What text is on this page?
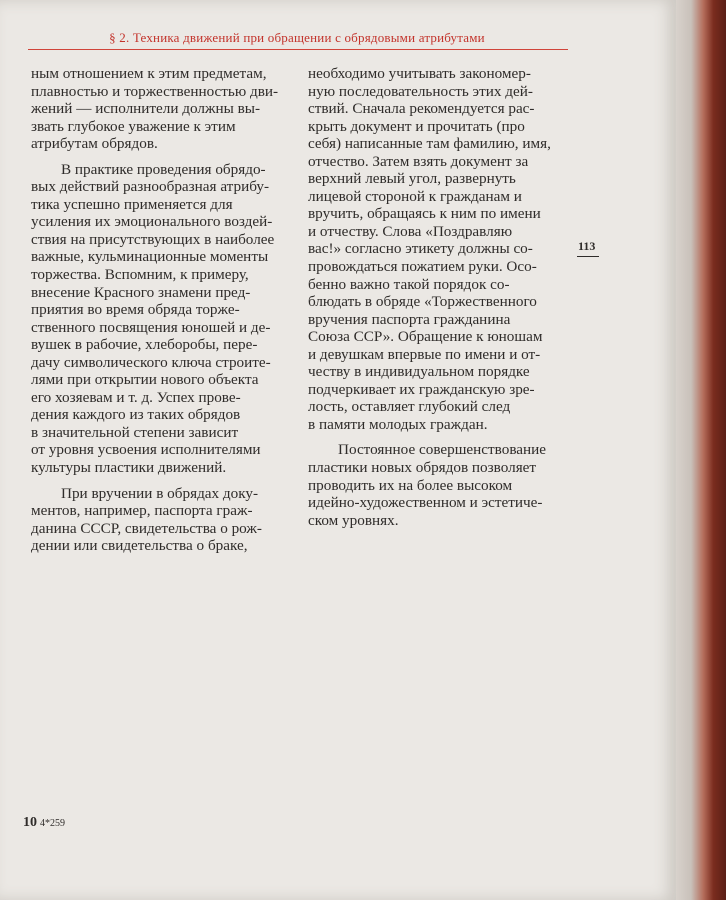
§ 2. Техника движений при обращении с обрядовыми атрибутами

ным отношением к этим предметам,
плавностью и торжественностью дви-
жений — исполнители должны вы-
звать глубокое уважение к этим
атрибутам обрядов.

В практике проведения обрядо-
вых действий разнообразная атрибу-
тика успешно применяется для
усиления их эмоционального воздей-
ствия на присутствующих в наиболее
важные, кульминационные моменты
торжества. Вспомним, к примеру,
внесение Красного знамени пред-
приятия во время обряда торже-
ственного посвящения юношей и де-
вушек в рабочие, хлеборобы, пере-
дачу символического ключа строите-
лями при открытии нового объекта
его хозяевам и т. д. Успех прове-
дения каждого из таких обрядов
в значительной степени зависит
от уровня усвоения исполнителями
культуры пластики движений.

При вручении в обрядах доку-
ментов, например, паспорта граж-
данина СССР, свидетельства о рож-
дении или свидетельства о браке,

необходимо учитывать закономер-
ную последовательность этих дей-
ствий. Сначала рекомендуется рас-
крыть документ и прочитать (про
себя) написанные там фамилию, имя,
отчество. Затем взять документ за
верхний левый угол, развернуть
лицевой стороной к гражданам и
вручить, обращаясь к ним по имени
и отчеству. Слова «Поздравляю
вас!» согласно этикету должны со-
провождаться пожатием руки. Осо-
бенно важно такой порядок со-
блюдать в обряде «Торжественного
вручения паспорта гражданина
Союза ССР». Обращение к юношам
и девушкам впервые по имени и от-
честву в индивидуальном порядке
подчеркивает их гражданскую зре-
лость, оставляет глубокий след
в памяти молодых граждан.

Постоянное совершенствование
пластики новых обрядов позволяет
проводить их на более высоком
идейно-художественном и эстетиче-
ском уровнях.

113
10 4*259
